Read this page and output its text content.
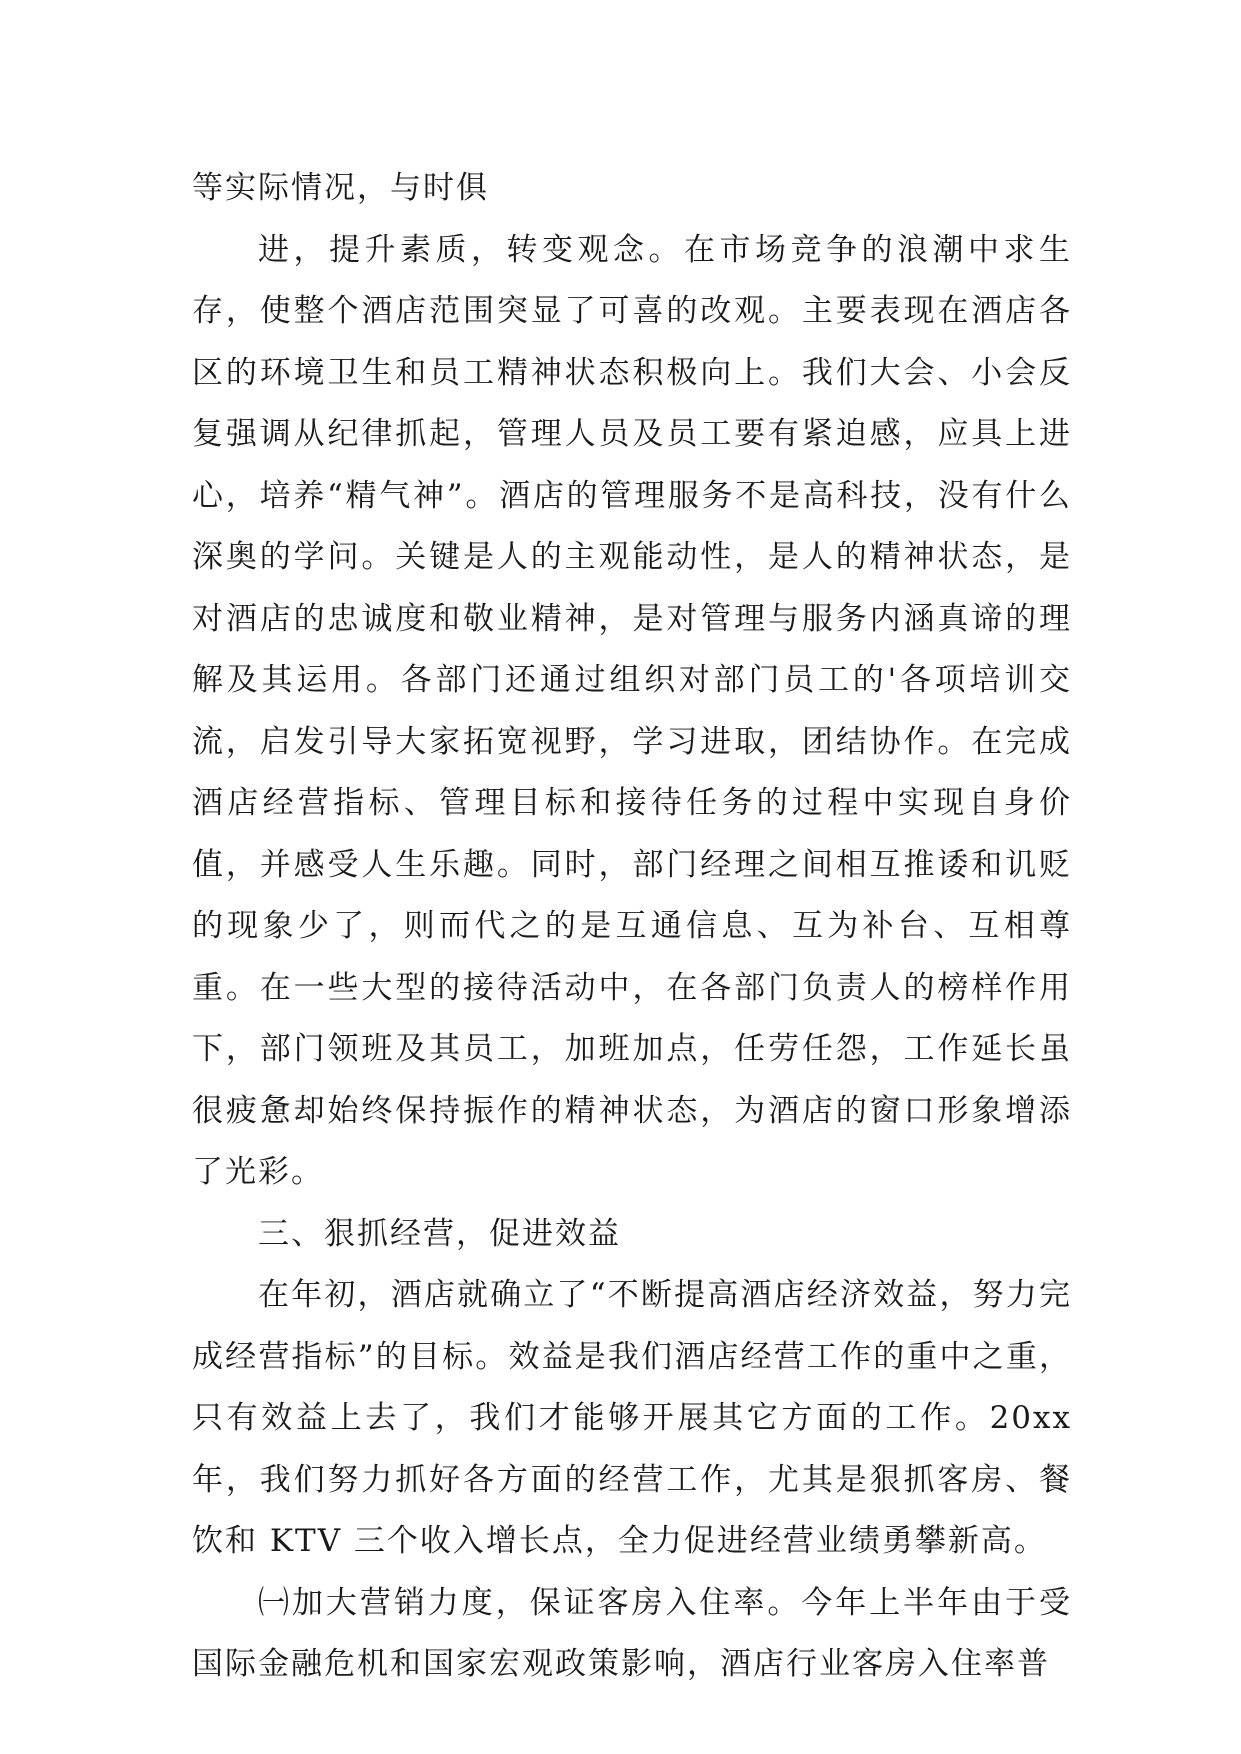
等实际情况，与时俱

进，提升素质，转变观念。在市场竞争的浪潮中求生存，使整个酒店范围突显了可喜的改观。主要表现在酒店各区的环境卫生和员工精神状态积极向上。我们大会、小会反复强调从纪律抓起，管理人员及员工要有紧迫感，应具上进心，培养“精气神”。酒店的管理服务不是高科技，没有什么深奥的学问。关键是人的主观能动性，是人的精神状态，是对酒店的忠诚度和敬业精神，是对管理与服务内涵真谛的理解及其运用。各部门还通过组织对部门员工的'各项培训交流，启发引导大家拓宽视野，学习进取，团结协作。在完成酒店经营指标、管理目标和接待任务的过程中实现自身价值，并感受人生乐趣。同时，部门经理之间相互推诿和讥贬的现象少了，则而代之的是互通信息、互为补台、互相尊重。在一些大型的接待活动中，在各部门负责人的榜样作用下，部门领班及其员工，加班加点，任劳任怨，工作延长虽很疲惫却始终保持振作的精神状态，为酒店的窗口形象增添了光彩。

三、狠抓经营，促进效益

在年初，酒店就确立了“不断提高酒店经济效益，努力完成经营指标”的目标。效益是我们酒店经营工作的重中之重，只有效益上去了，我们才能够开展其它方面的工作。20xx年，我们努力抓好各方面的经营工作，尤其是狠抓客房、餐饮和 KTV 三个收入增长点，全力促进经营业绩勇攀新高。

㈠加大营销力度，保证客房入住率。今年上半年由于受国际金融危机和国家宏观政策影响，酒店行业客房入住率普
